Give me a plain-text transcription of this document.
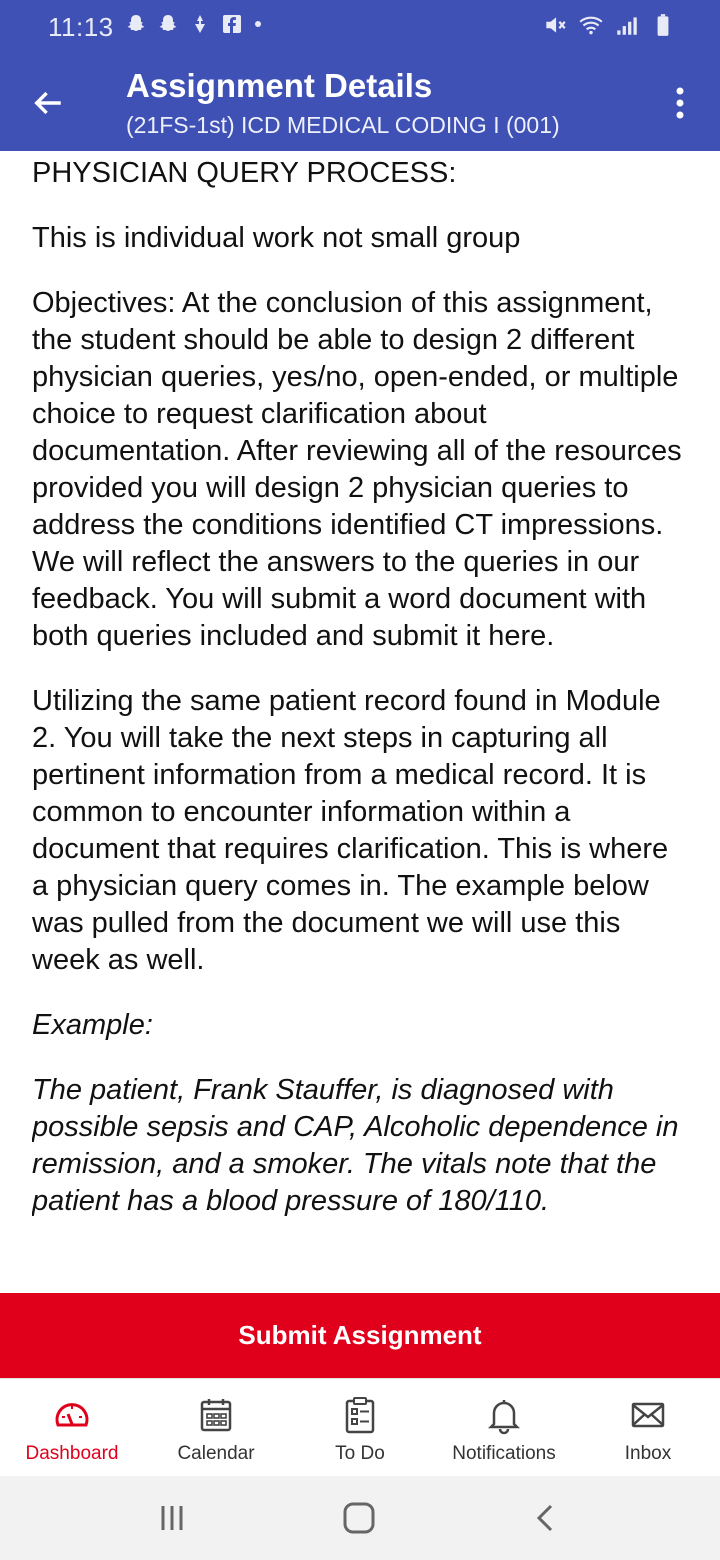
11:13
Assignment Details
(21FS-1st) ICD MEDICAL CODING I (001)

PHYSICIAN QUERY PROCESS:

This is individual work not small group

Objectives: At the conclusion of this assignment, the student should be able to design 2 different physician queries, yes/no, open-ended, or multiple choice to request clarification about documentation. After reviewing all of the resources provided you will design 2 physician queries to address the conditions identified CT impressions. We will reflect the answers to the queries in our feedback. You will submit a word document with both queries included and submit it here.

Utilizing the same patient record found in Module 2. You will take the next steps in capturing all pertinent information from a medical record. It is common to encounter information within a document that requires clarification. This is where a physician query comes in. The example below was pulled from the document we will use this week as well.

Example:

The patient, Frank Stauffer, is diagnosed with possible sepsis and CAP, Alcoholic dependence in remission, and a smoker. The vitals note that the patient has a blood pressure of 180/110.

Submit Assignment
Dashboard	Calendar	To Do	Notifications	Inbox
